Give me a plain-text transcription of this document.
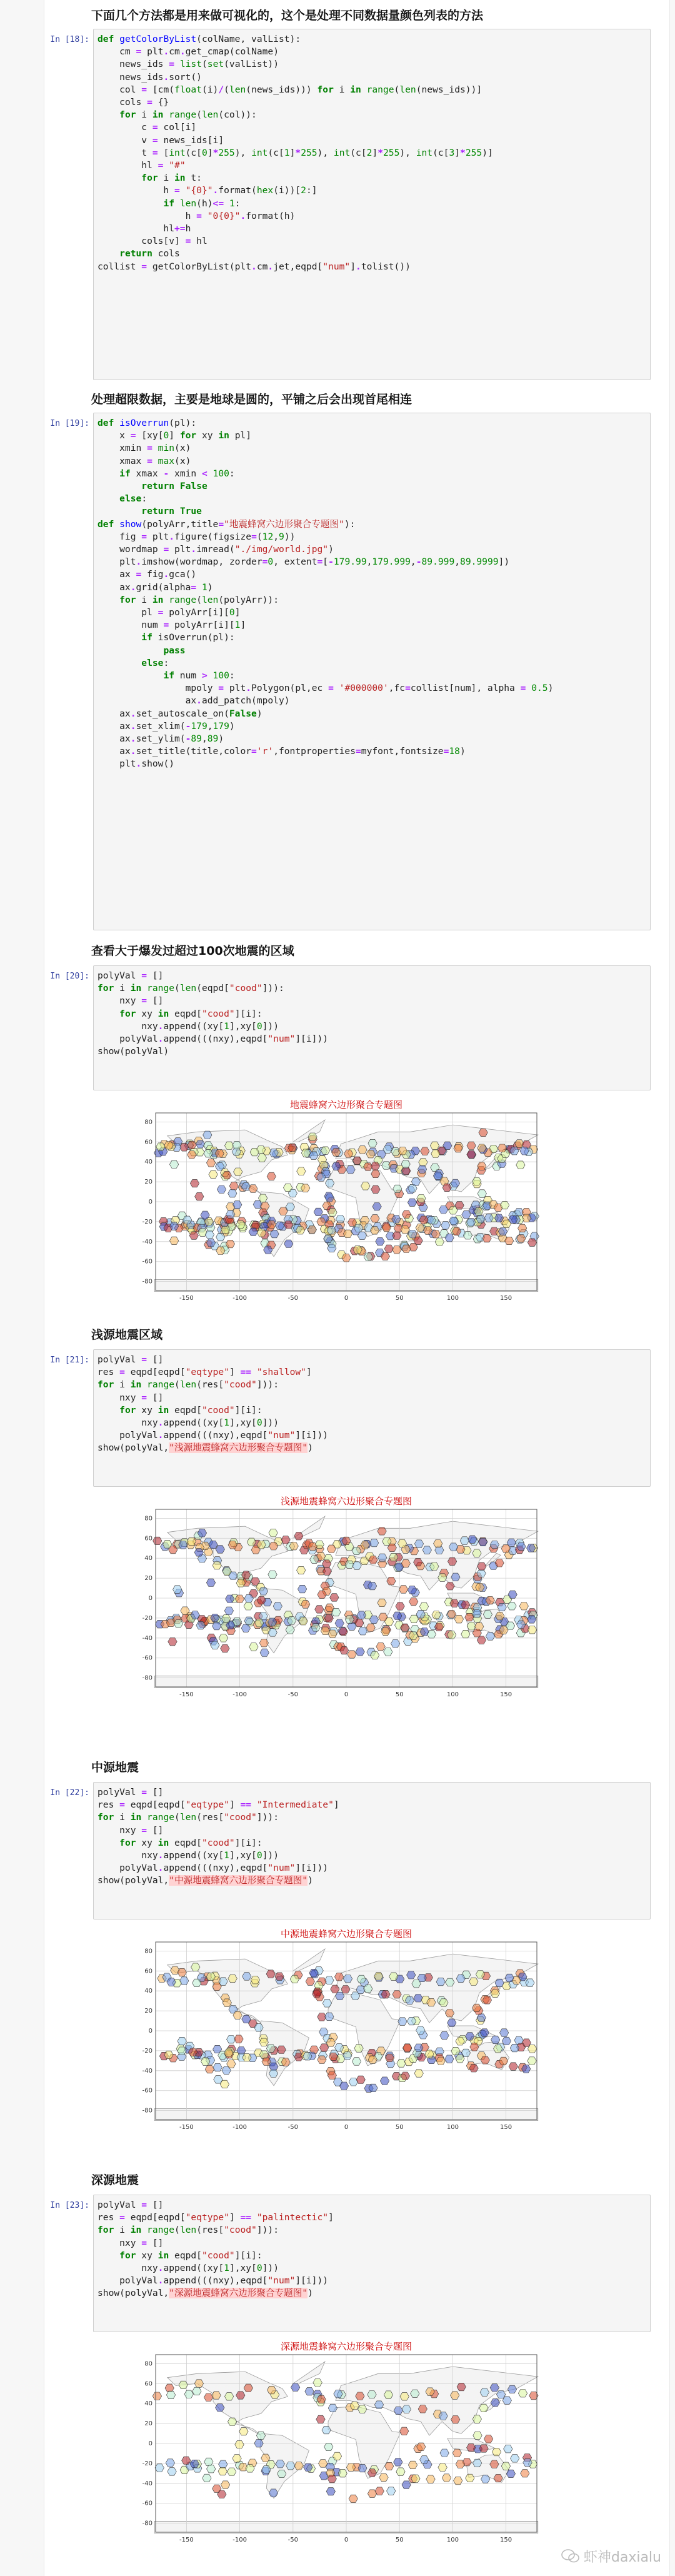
下面几个方法都是用来做可视化的，这个是处理不同数据量颜色列表的方法
In [18]: def getColorByList(colName, valList):
cm = plt.cm.get_cmap(colName)
news_ids = list(set(valList))
news_ids.sort()
col = [cm(float(i)/(len(news_ids))) for i in range(len(news_ids))]
cols = {}
for i in range(len(col)):
c = col[i]
v = news_ids[i]
t = [int(c[0]*255), int(c[1]*255), int(c[2]*255), int(c[3]*255)]
hl = "#"
for i in t:
h = "{0}".format(hex(i))[2:]
if len(h)<= 1:
h = "0{0}".format(h)
hl+=h
cols[v] = hl
return cols
collist = getColorByList(plt.cm.jet,eqpd["num"].tolist())
处理超限数据，主要是地球是圆的，平铺之后会出现首尾相连
In [19]: def isOverrun(pl):
x = [xy[0] for xy in pl]
xmin = min(x)
xmax = max(x)
if xmax - xmin < 100:
return False
else:
return True
def show(polyArr,title="地震蜂窝六边形聚合专题图"):
fig = plt.figure(figsize=(12,9))
wordmap = plt.imread("./img/world.jpg")
plt.imshow(wordmap, zorder=0, extent=[-179.99,179.999,-89.999,89.9999])
ax = fig.gca()
ax.grid(alpha= 1)
for i in range(len(polyArr)):
pl = polyArr[i][0]
num = polyArr[i][1]
if isOverrun(pl):
pass
else:
if num > 100:
mpoly = plt.Polygon(pl,ec = '#000000',fc=collist[num], alpha = 0.5)
ax.add_patch(mpoly)
ax.set_autoscale_on(False)
ax.set_xlim(-179,179)
ax.set_ylim(-89,89)
ax.set_title(title,color='r',fontproperties=myfont,fontsize=18)
plt.show()
查看大于爆发过超过100次地震的区域
In [20]: polyVal = []
for i in range(len(eqpd["cood"])):
nxy = []
for xy in eqpd["cood"][i]:
nxy.append((xy[1],xy[0]))
polyVal.append(((nxy),eqpd["num"][i]))
show(polyVal)
地震蜂窝六边形聚合专题图
-150	-100	-50	0	50	100	150
80
60
40
20
0
-20
-40
-60
-80
浅源地震区域
In [21]: polyVal = []
res = eqpd[eqpd["eqtype"] == "shallow"]
for i in range(len(res["cood"])):
nxy = []
for xy in eqpd["cood"][i]:
nxy.append((xy[1],xy[0]))
polyVal.append(((nxy),eqpd["num"][i]))
show(polyVal,"浅源地震蜂窝六边形聚合专题图")
浅源地震蜂窝六边形聚合专题图
-150	-100	-50	0	50	100	150
80
60
40
20
0
-20
-40
-60
-80
中源地震
In [22]: polyVal = []
res = eqpd[eqpd["eqtype"] == "Intermediate"]
for i in range(len(res["cood"])):
nxy = []
for xy in eqpd["cood"][i]:
nxy.append((xy[1],xy[0]))
polyVal.append(((nxy),eqpd["num"][i]))
show(polyVal,"中源地震蜂窝六边形聚合专题图")
中源地震蜂窝六边形聚合专题图
-150	-100	-50	0	50	100	150
80
60
40
20
0
-20
-40
-60
-80
深源地震
In [23]: polyVal = []
res = eqpd[eqpd["eqtype"] == "palintectic"]
for i in range(len(res["cood"])):
nxy = []
for xy in eqpd["cood"][i]:
nxy.append((xy[1],xy[0]))
polyVal.append(((nxy),eqpd["num"][i]))
show(polyVal,"深源地震蜂窝六边形聚合专题图")
深源地震蜂窝六边形聚合专题图
-150	-100	-50	0	50	100	150
80
60
40
20
0
-20
-40
-60
-80
虾神daxialu
